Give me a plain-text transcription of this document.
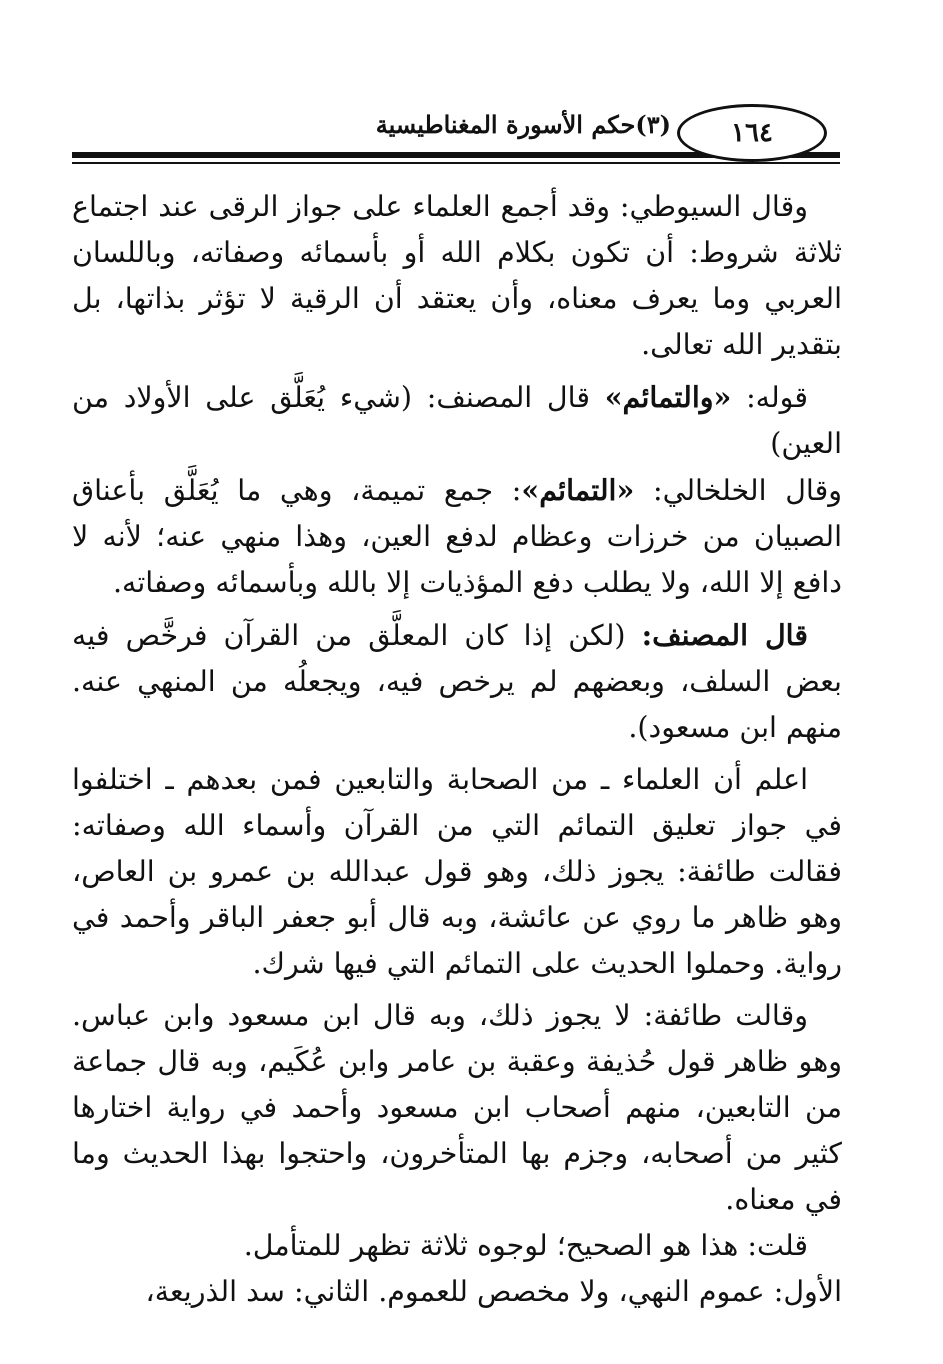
١٦٤
(٣)حكم الأسورة المغناطيسية

وقال السيوطي: وقد أجمع العلماء على جواز الرقى عند اجتماع ثلاثة شروط: أن تكون بكلام الله أو بأسمائه وصفاته، وباللسان العربي وما يعرف معناه، وأن يعتقد أن الرقية لا تؤثر بذاتها، بل بتقدير الله تعالى.

قوله: «والتمائم» قال المصنف: (شيء يُعَلَّق على الأولاد من العين)

وقال الخلخالي: «التمائم»: جمع تميمة، وهي ما يُعَلَّق بأعناق الصبيان من خرزات وعظام لدفع العين، وهذا منهي عنه؛ لأنه لا دافع إلا الله، ولا يطلب دفع المؤذيات إلا بالله وبأسمائه وصفاته.

قال المصنف: (لكن إذا كان المعلَّق من القرآن فرخَّص فيه بعض السلف، وبعضهم لم يرخص فيه، ويجعلُه من المنهي عنه. منهم ابن مسعود).

اعلم أن العلماء ـ من الصحابة والتابعين فمن بعدهم ـ اختلفوا في جواز تعليق التمائم التي من القرآن وأسماء الله وصفاته: فقالت طائفة: يجوز ذلك، وهو قول عبدالله بن عمرو بن العاص، وهو ظاهر ما روي عن عائشة، وبه قال أبو جعفر الباقر وأحمد في رواية. وحملوا الحديث على التمائم التي فيها شرك.

وقالت طائفة: لا يجوز ذلك، وبه قال ابن مسعود وابن عباس. وهو ظاهر قول حُذيفة وعقبة بن عامر وابن عُكَيم، وبه قال جماعة من التابعين، منهم أصحاب ابن مسعود وأحمد في رواية اختارها كثير من أصحابه، وجزم بها المتأخرون، واحتجوا بهذا الحديث وما في معناه.

قلت: هذا هو الصحيح؛ لوجوه ثلاثة تظهر للمتأمل.

الأول: عموم النهي، ولا مخصص للعموم. الثاني: سد الذريعة،
